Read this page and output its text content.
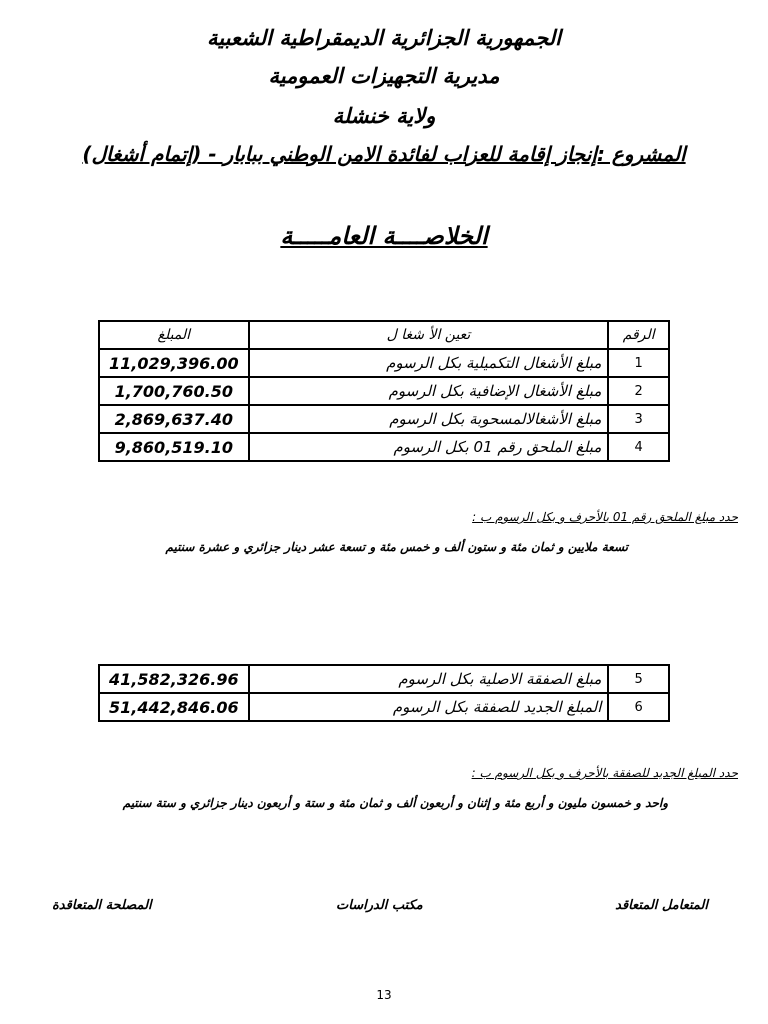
الجمهورية الجزائرية الديمقراطية الشعبية
مديرية التجهيزات العمومية
ولاية خنشلة
المشروع :إنجاز إقامة للعزاب لفائدة الامن الوطني ببابار - (إتمام أشغال)
الخلاصــــة العامـــــة
الرقم	تعين الأ شغا ل	المبلغ
1	مبلغ الأشغال التكميلية بكل الرسوم	11,029,396.00
2	مبلغ الأشغال الإضافية بكل الرسوم	1,700,760.50
3	مبلغ الأشغالالمسحوبة بكل الرسوم	2,869,637.40
4	مبلغ الملحق رقم 01 بكل الرسوم	9,860,519.10
حدد مبلغ الملحق رقم 01 بالأحرف و بكل الرسوم ب :
تسعة ملايين و ثمان مئة و ستون ألف و خمس مئة و تسعة عشر دينار جزائري و عشرة سنتيم
5	مبلغ الصفقة الاصلية بكل الرسوم	41,582,326.96
6	المبلغ الجديد للصفقة بكل الرسوم	51,442,846.06
حدد المبلغ الجديد للصفقة بالأحرف و بكل الرسوم ب :
واحد و خمسون مليون و أربع مئة و إثنان و أربعون ألف و ثمان مئة و ستة و أربعون دينار جزائري و ستة سنتيم
المتعامل المتعاقد
مكتب الدراسات
المصلحة المتعاقدة
13
